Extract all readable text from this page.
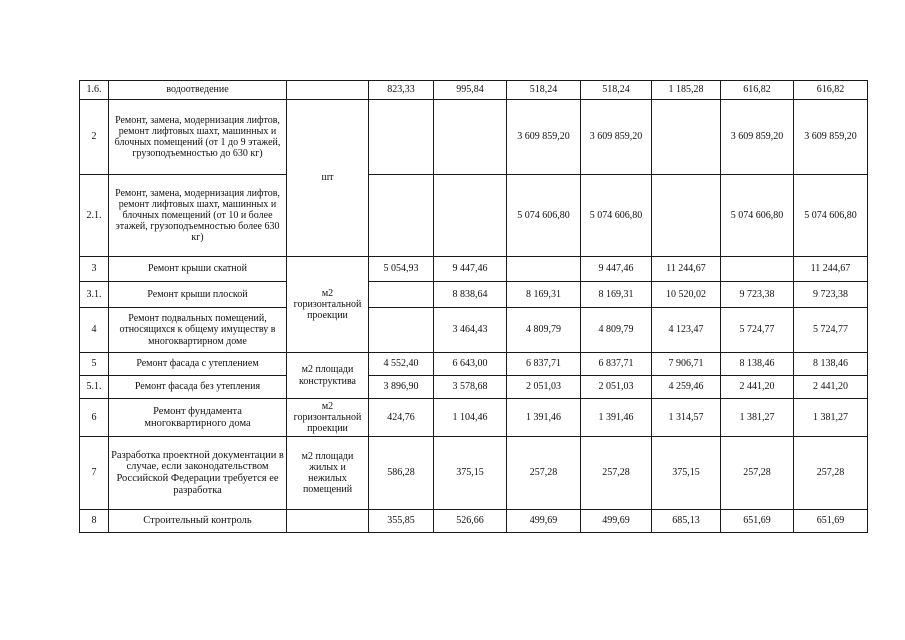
1.6.	водоотведение		823,33	995,84	518,24	518,24	1 185,28	616,82	616,82
2	Ремонт, замена, модернизация лифтов, ремонт лифтовых шахт, машинных и блочных помещений (от 1 до 9 этажей, грузоподъемностью до 630 кг)	шт			3 609 859,20	3 609 859,20		3 609 859,20	3 609 859,20
2.1.	Ремонт, замена, модернизация лифтов, ремонт лифтовых шахт, машинных и блочных помещений (от 10 и более этажей, грузоподъемностью более 630 кг)				5 074 606,80	5 074 606,80		5 074 606,80	5 074 606,80
3	Ремонт крыши скатной	м2 горизонтальной проекции	5 054,93	9 447,46		9 447,46	11 244,67		11 244,67
3.1.	Ремонт крыши плоской			8 838,64	8 169,31	8 169,31	10 520,02	9 723,38	9 723,38
4	Ремонт подвальных помещений, относящихся к общему имуществу в многоквартирном доме			3 464,43	4 809,79	4 809,79	4 123,47	5 724,77	5 724,77
5	Ремонт фасада с утеплением	м2 площади конструктива	4 552,40	6 643,00	6 837,71	6 837,71	7 906,71	8 138,46	8 138,46
5.1.	Ремонт фасада без утепления		3 896,90	3 578,68	2 051,03	2 051,03	4 259,46	2 441,20	2 441,20
6	Ремонт фундамента многоквартирного дома	м2 горизонтальной проекции	424,76	1 104,46	1 391,46	1 391,46	1 314,57	1 381,27	1 381,27
7	Разработка проектной документации в случае, если законодательством Российской Федерации требуется ее разработка	м2 площади жилых и нежилых помещений	586,28	375,15	257,28	257,28	375,15	257,28	257,28
8	Строительный контроль		355,85	526,66	499,69	499,69	685,13	651,69	651,69
